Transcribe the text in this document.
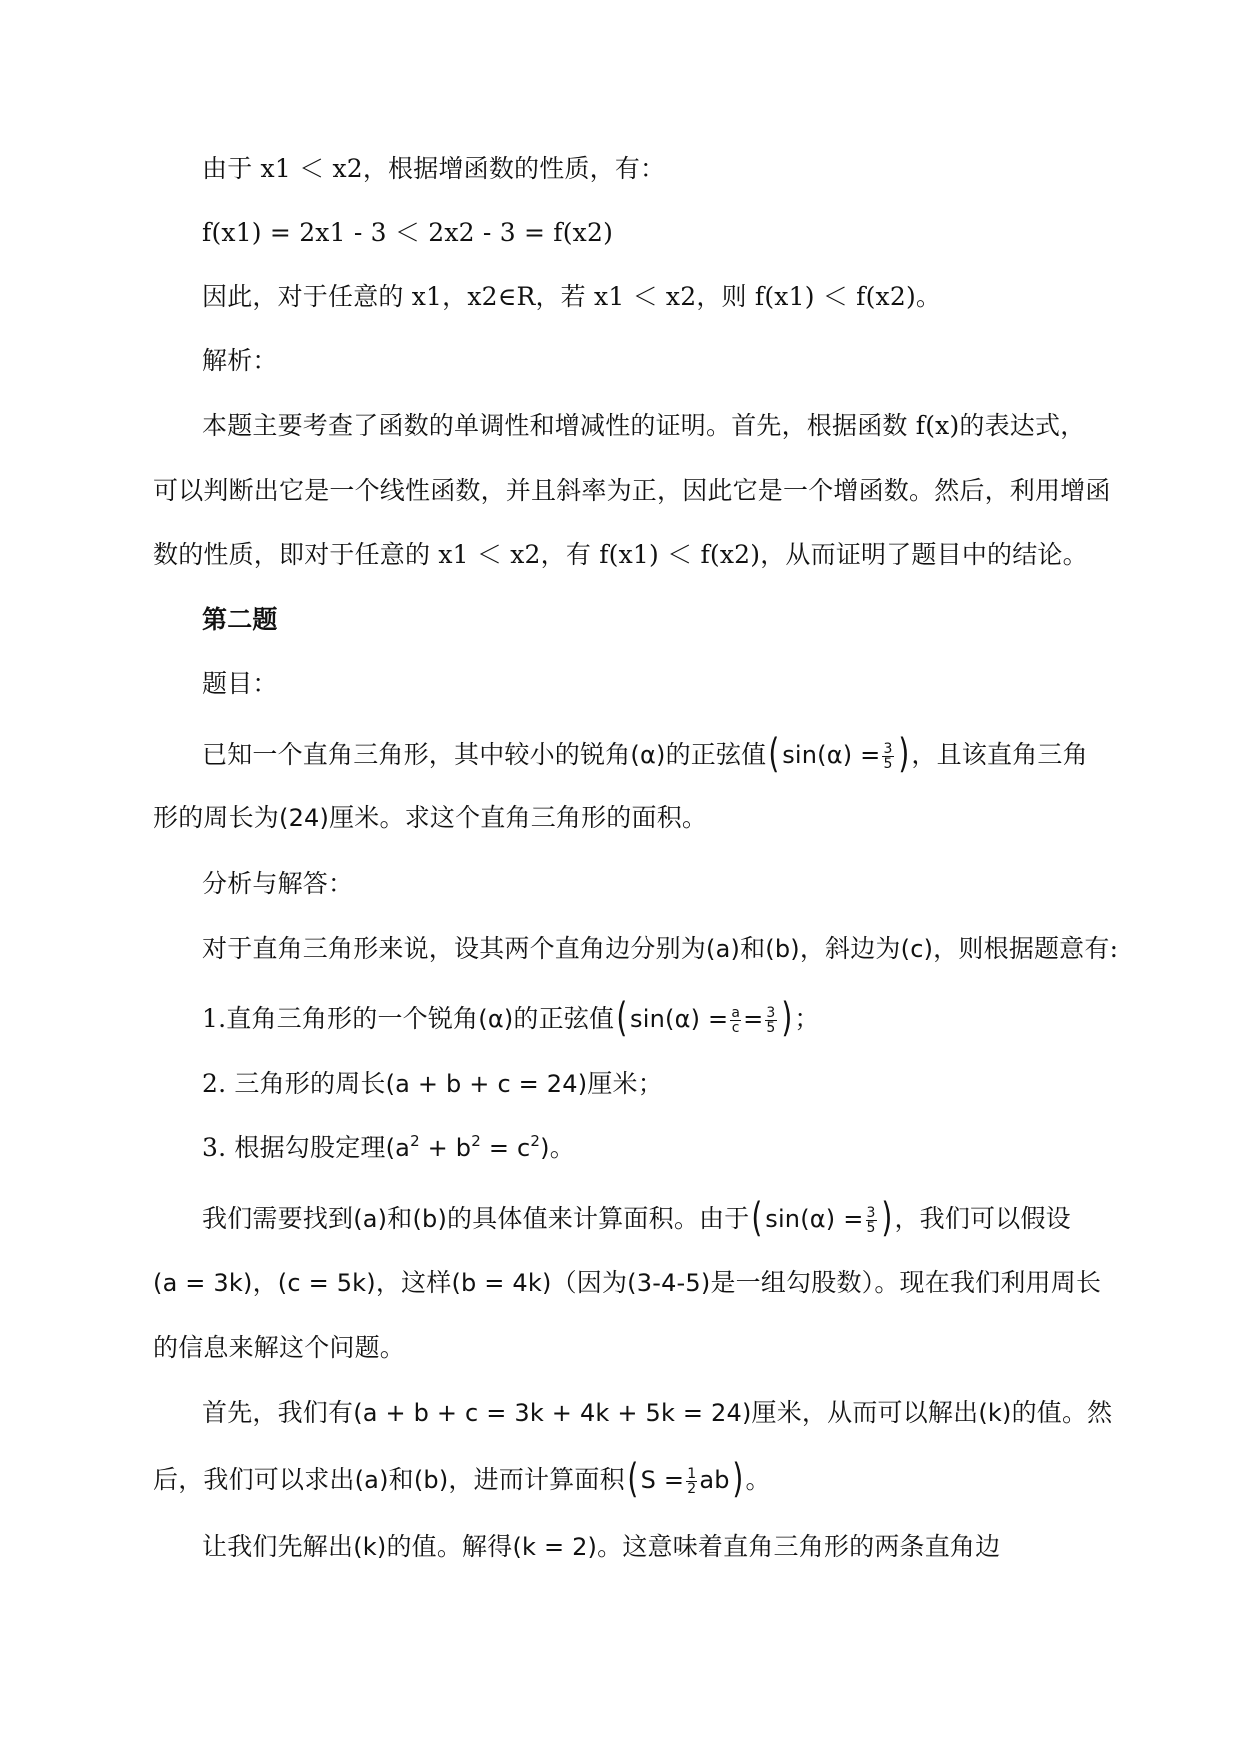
由于 x1 ＜ x2，根据增函数的性质，有：
f(x1) = 2x1 - 3 ＜ 2x2 - 3 = f(x2)
因此，对于任意的 x1，x2∈R，若 x1 ＜ x2，则 f(x1) ＜ f(x2)。
解析：
本题主要考查了函数的单调性和增减性的证明。首先，根据函数 f(x)的表达式，
可以判断出它是一个线性函数，并且斜率为正，因此它是一个增函数。然后，利用增函
数的性质，即对于任意的 x1 ＜ x2，有 f(x1) ＜ f(x2)，从而证明了题目中的结论。
第二题
题目：
已知一个直角三角形，其中较小的锐角(α)的正弦值($\sin(\alpha) = \frac{3}{5}$ )，且该直角三角
形的周长为(24)厘米。求这个直角三角形的面积。
分析与解答：
对于直角三角形来说，设其两个直角边分别为(a)和(b)，斜边为(c)，则根据题意有:
1.直角三角形的一个锐角(α)的正弦值($\sin(\alpha) = \frac{a}{c} = \frac{3}{5}$ )；
2. 三角形的周长(a + b + c = 24)厘米；
3. 根据勾股定理$(a^2 + b^2 = c^2)$。
我们需要找到(a)和(b)的具体值来计算面积。由于($\sin(\alpha) = \frac{3}{5}$ )，我们可以假设
(a = 3k)，(c = 5k)，这样(b = 4k)（因为(3-4-5)是一组勾股数）。现在我们利用周长
的信息来解这个问题。
首先，我们有(a + b + c = 3k + 4k + 5k = 24)厘米，从而可以解出(k)的值。然
后，我们可以求出(a)和(b)，进而计算面积$(S = \frac{1}{2} ab)$。
让我们先解出(k)的值。解得(k = 2)。这意味着直角三角形的两条直角边
